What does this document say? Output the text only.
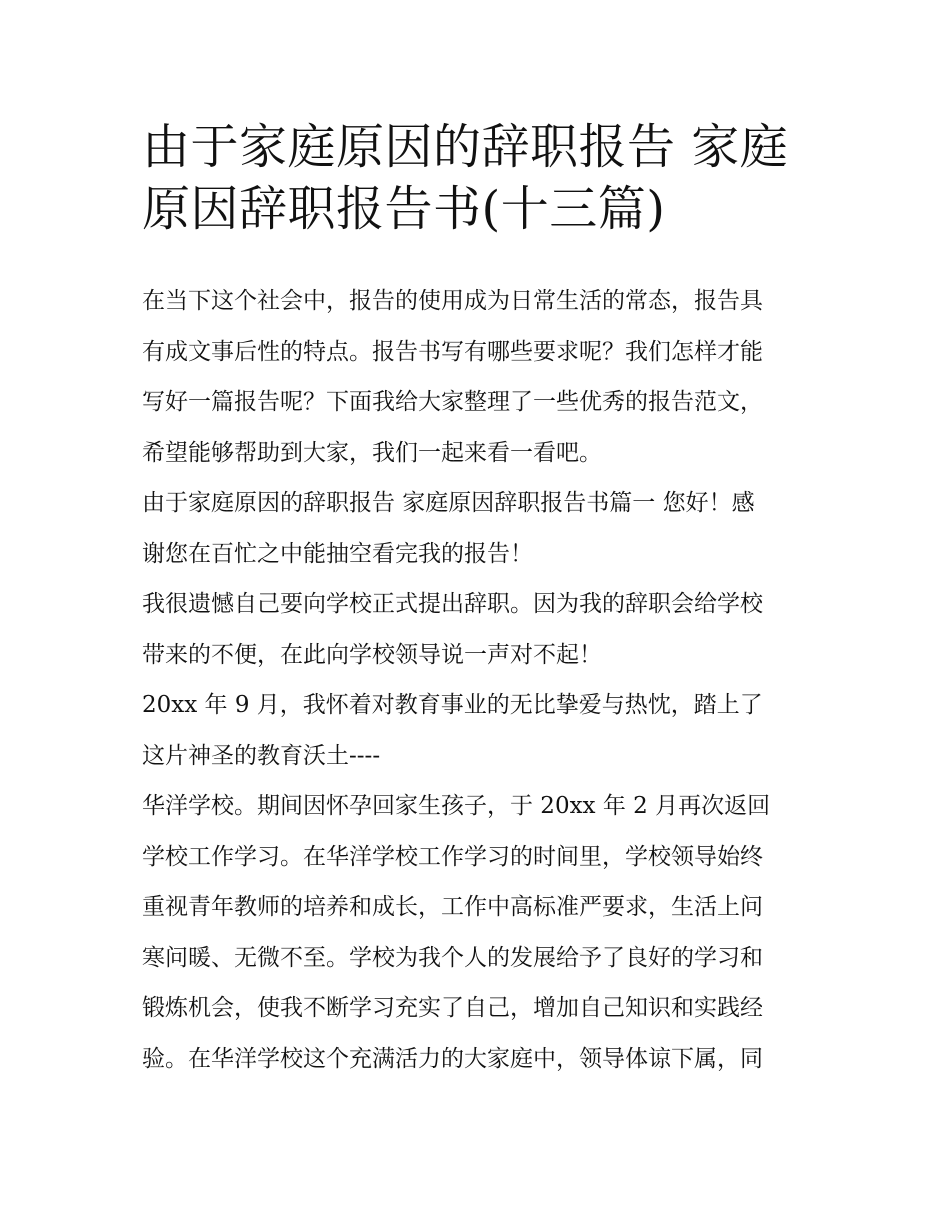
由于家庭原因的辞职报告 家庭
原因辞职报告书(十三篇)
在当下这个社会中，报告的使用成为日常生活的常态，报告具
有成文事后性的特点。报告书写有哪些要求呢？我们怎样才能
写好一篇报告呢？下面我给大家整理了一些优秀的报告范文，
希望能够帮助到大家，我们一起来看一看吧。
由于家庭原因的辞职报告 家庭原因辞职报告书篇一 您好！感
谢您在百忙之中能抽空看完我的报告！
我很遗憾自己要向学校正式提出辞职。因为我的辞职会给学校
带来的不便，在此向学校领导说一声对不起！
20xx 年 9 月，我怀着对教育事业的无比挚爱与热忱，踏上了
这片神圣的教育沃土----
华洋学校。期间因怀孕回家生孩子，于 20xx 年 2 月再次返回
学校工作学习。在华洋学校工作学习的时间里，学校领导始终
重视青年教师的培养和成长，工作中高标准严要求，生活上问
寒问暖、无微不至。学校为我个人的发展给予了良好的学习和
锻炼机会，使我不断学习充实了自己，增加自己知识和实践经
验。在华洋学校这个充满活力的大家庭中，领导体谅下属，同
